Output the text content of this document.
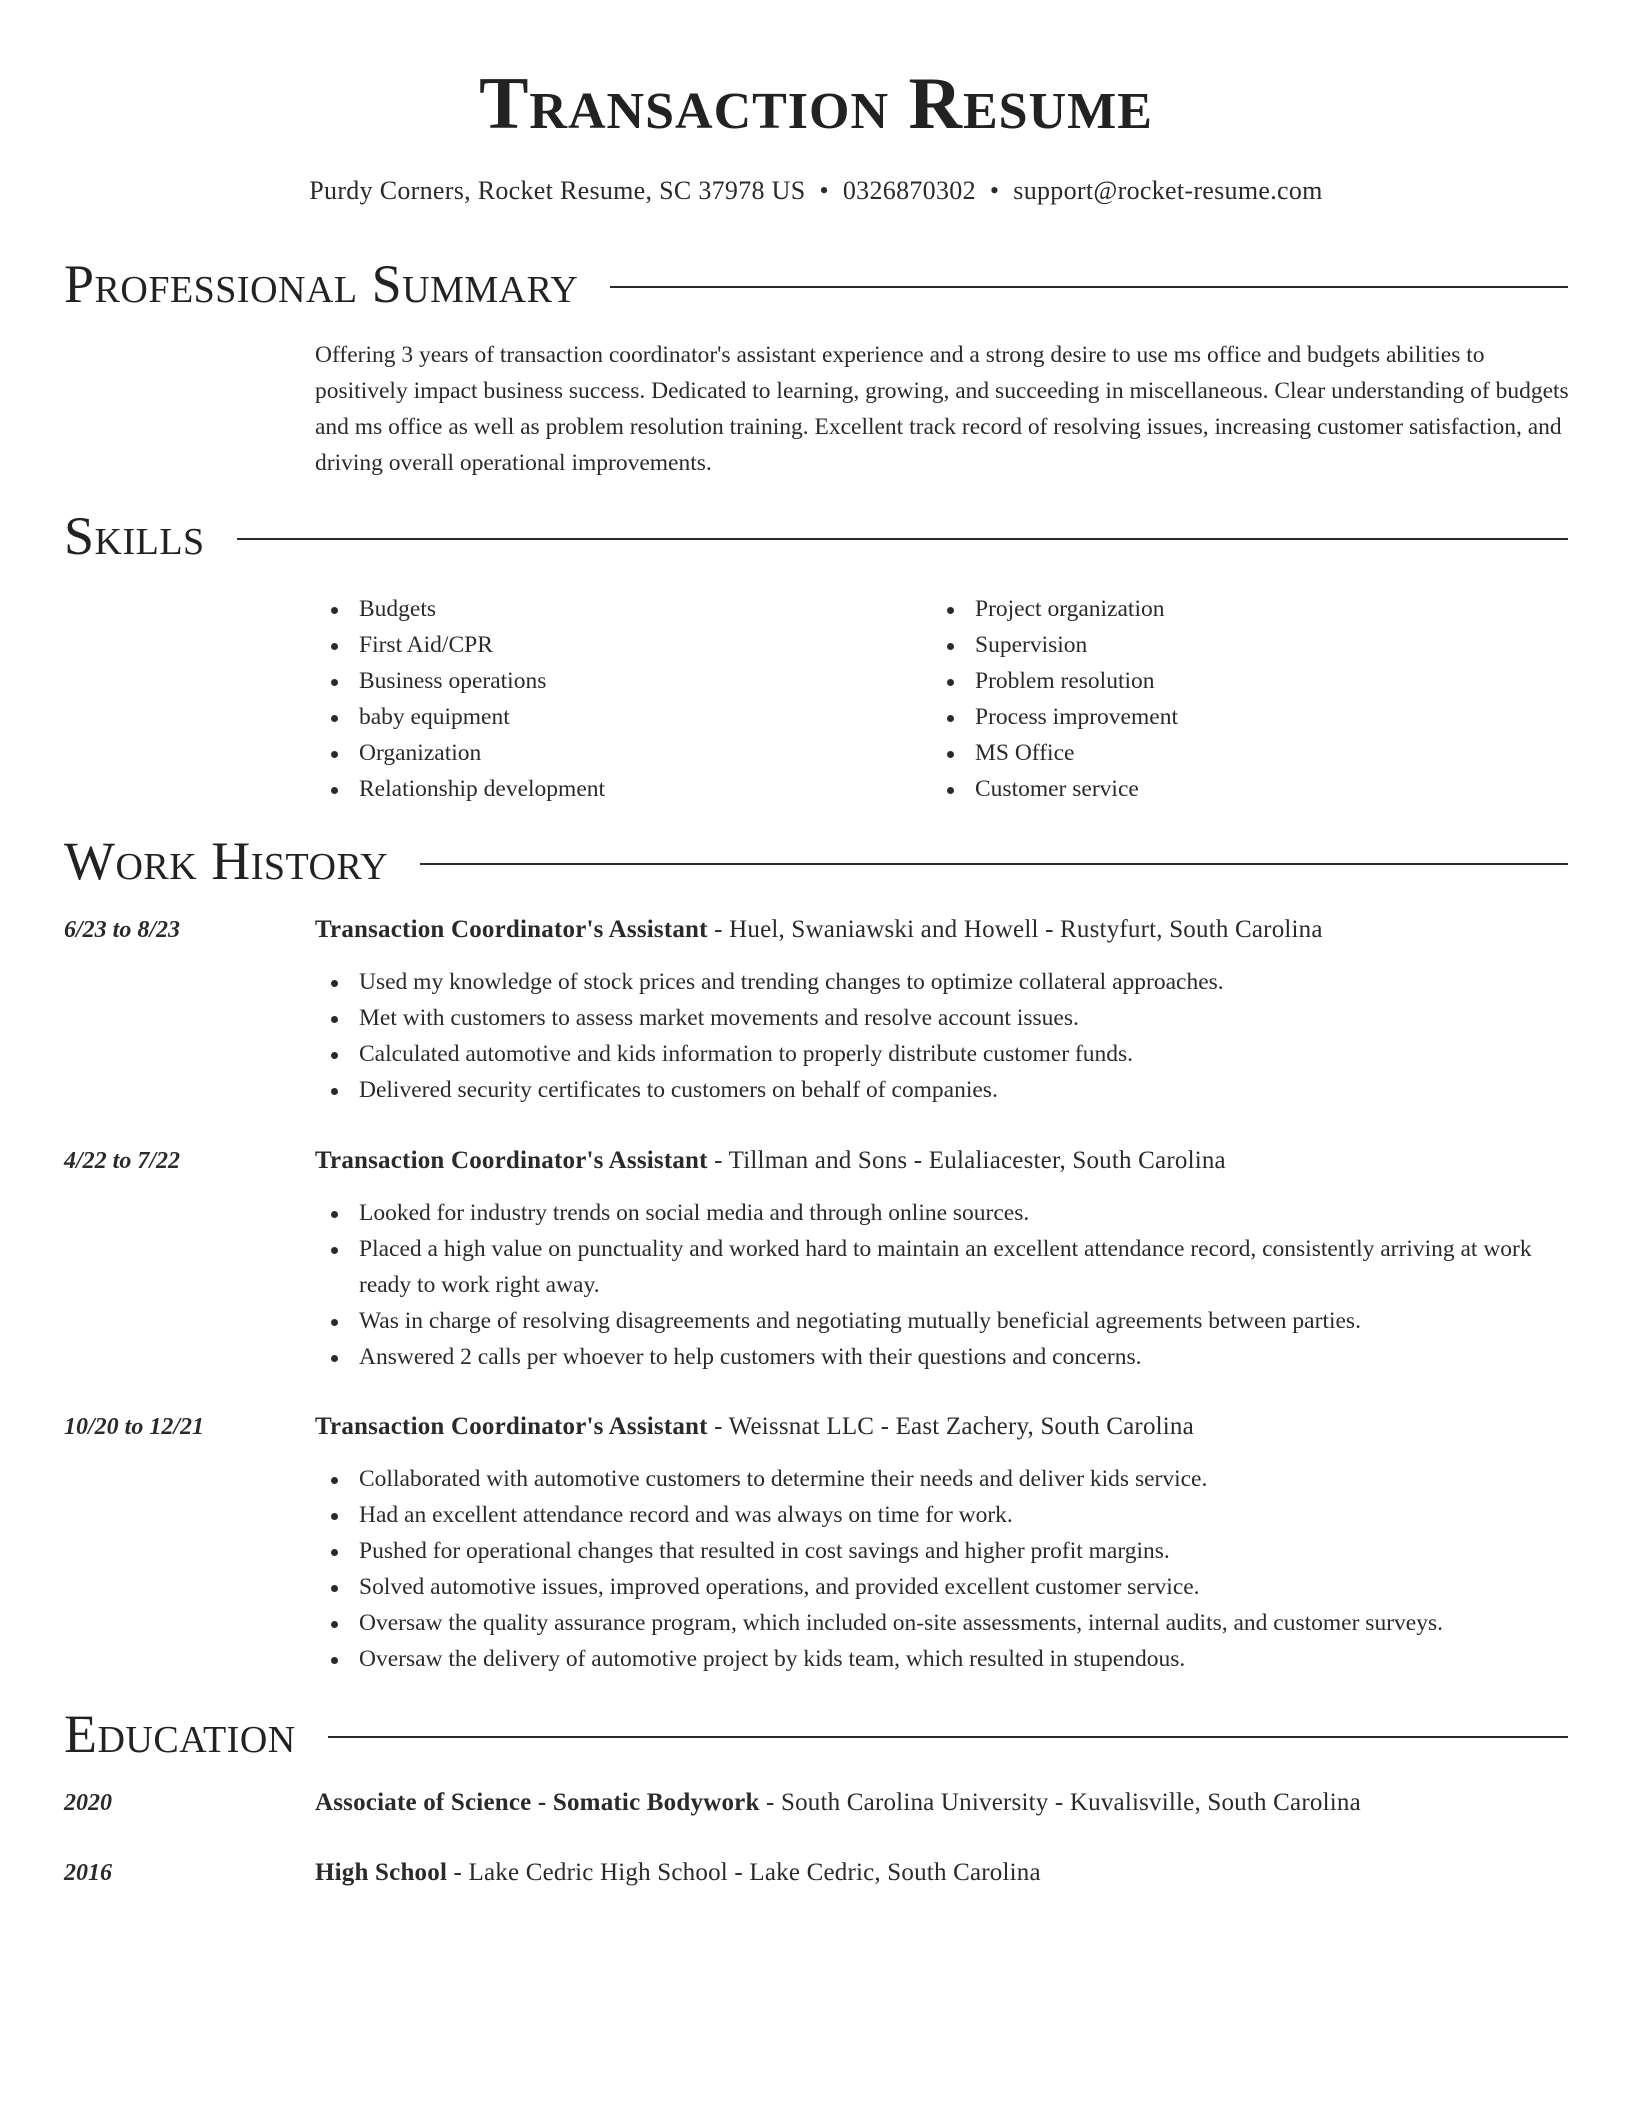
Transaction Resume
Purdy Corners, Rocket Resume, SC 37978 US • 0326870302 • support@rocket-resume.com
Professional Summary

Offering 3 years of transaction coordinator's assistant experience and a strong desire to use ms office and budgets abilities to positively impact business success. Dedicated to learning, growing, and succeeding in miscellaneous. Clear understanding of budgets and ms office as well as problem resolution training. Excellent track record of resolving issues, increasing customer satisfaction, and driving overall operational improvements.

Skills
Budgets
First Aid/CPR
Business operations
baby equipment
Organization
Relationship development
Project organization
Supervision
Problem resolution
Process improvement
MS Office
Customer service
Work History
6/23 to 8/23	Transaction Coordinator's Assistant - Huel, Swaniawski and Howell - Rustyfurt, South Carolina
Used my knowledge of stock prices and trending changes to optimize collateral approaches.
Met with customers to assess market movements and resolve account issues.
Calculated automotive and kids information to properly distribute customer funds.
Delivered security certificates to customers on behalf of companies.
4/22 to 7/22	Transaction Coordinator's Assistant - Tillman and Sons - Eulaliacester, South Carolina
Looked for industry trends on social media and through online sources.
Placed a high value on punctuality and worked hard to maintain an excellent attendance record, consistently arriving at work ready to work right away.
Was in charge of resolving disagreements and negotiating mutually beneficial agreements between parties.
Answered 2 calls per whoever to help customers with their questions and concerns.
10/20 to 12/21	Transaction Coordinator's Assistant - Weissnat LLC - East Zachery, South Carolina
Collaborated with automotive customers to determine their needs and deliver kids service.
Had an excellent attendance record and was always on time for work.
Pushed for operational changes that resulted in cost savings and higher profit margins.
Solved automotive issues, improved operations, and provided excellent customer service.
Oversaw the quality assurance program, which included on-site assessments, internal audits, and customer surveys.
Oversaw the delivery of automotive project by kids team, which resulted in stupendous.
Education
2020	Associate of Science - Somatic Bodywork - South Carolina University - Kuvalisville, South Carolina
2016	High School - Lake Cedric High School - Lake Cedric, South Carolina
